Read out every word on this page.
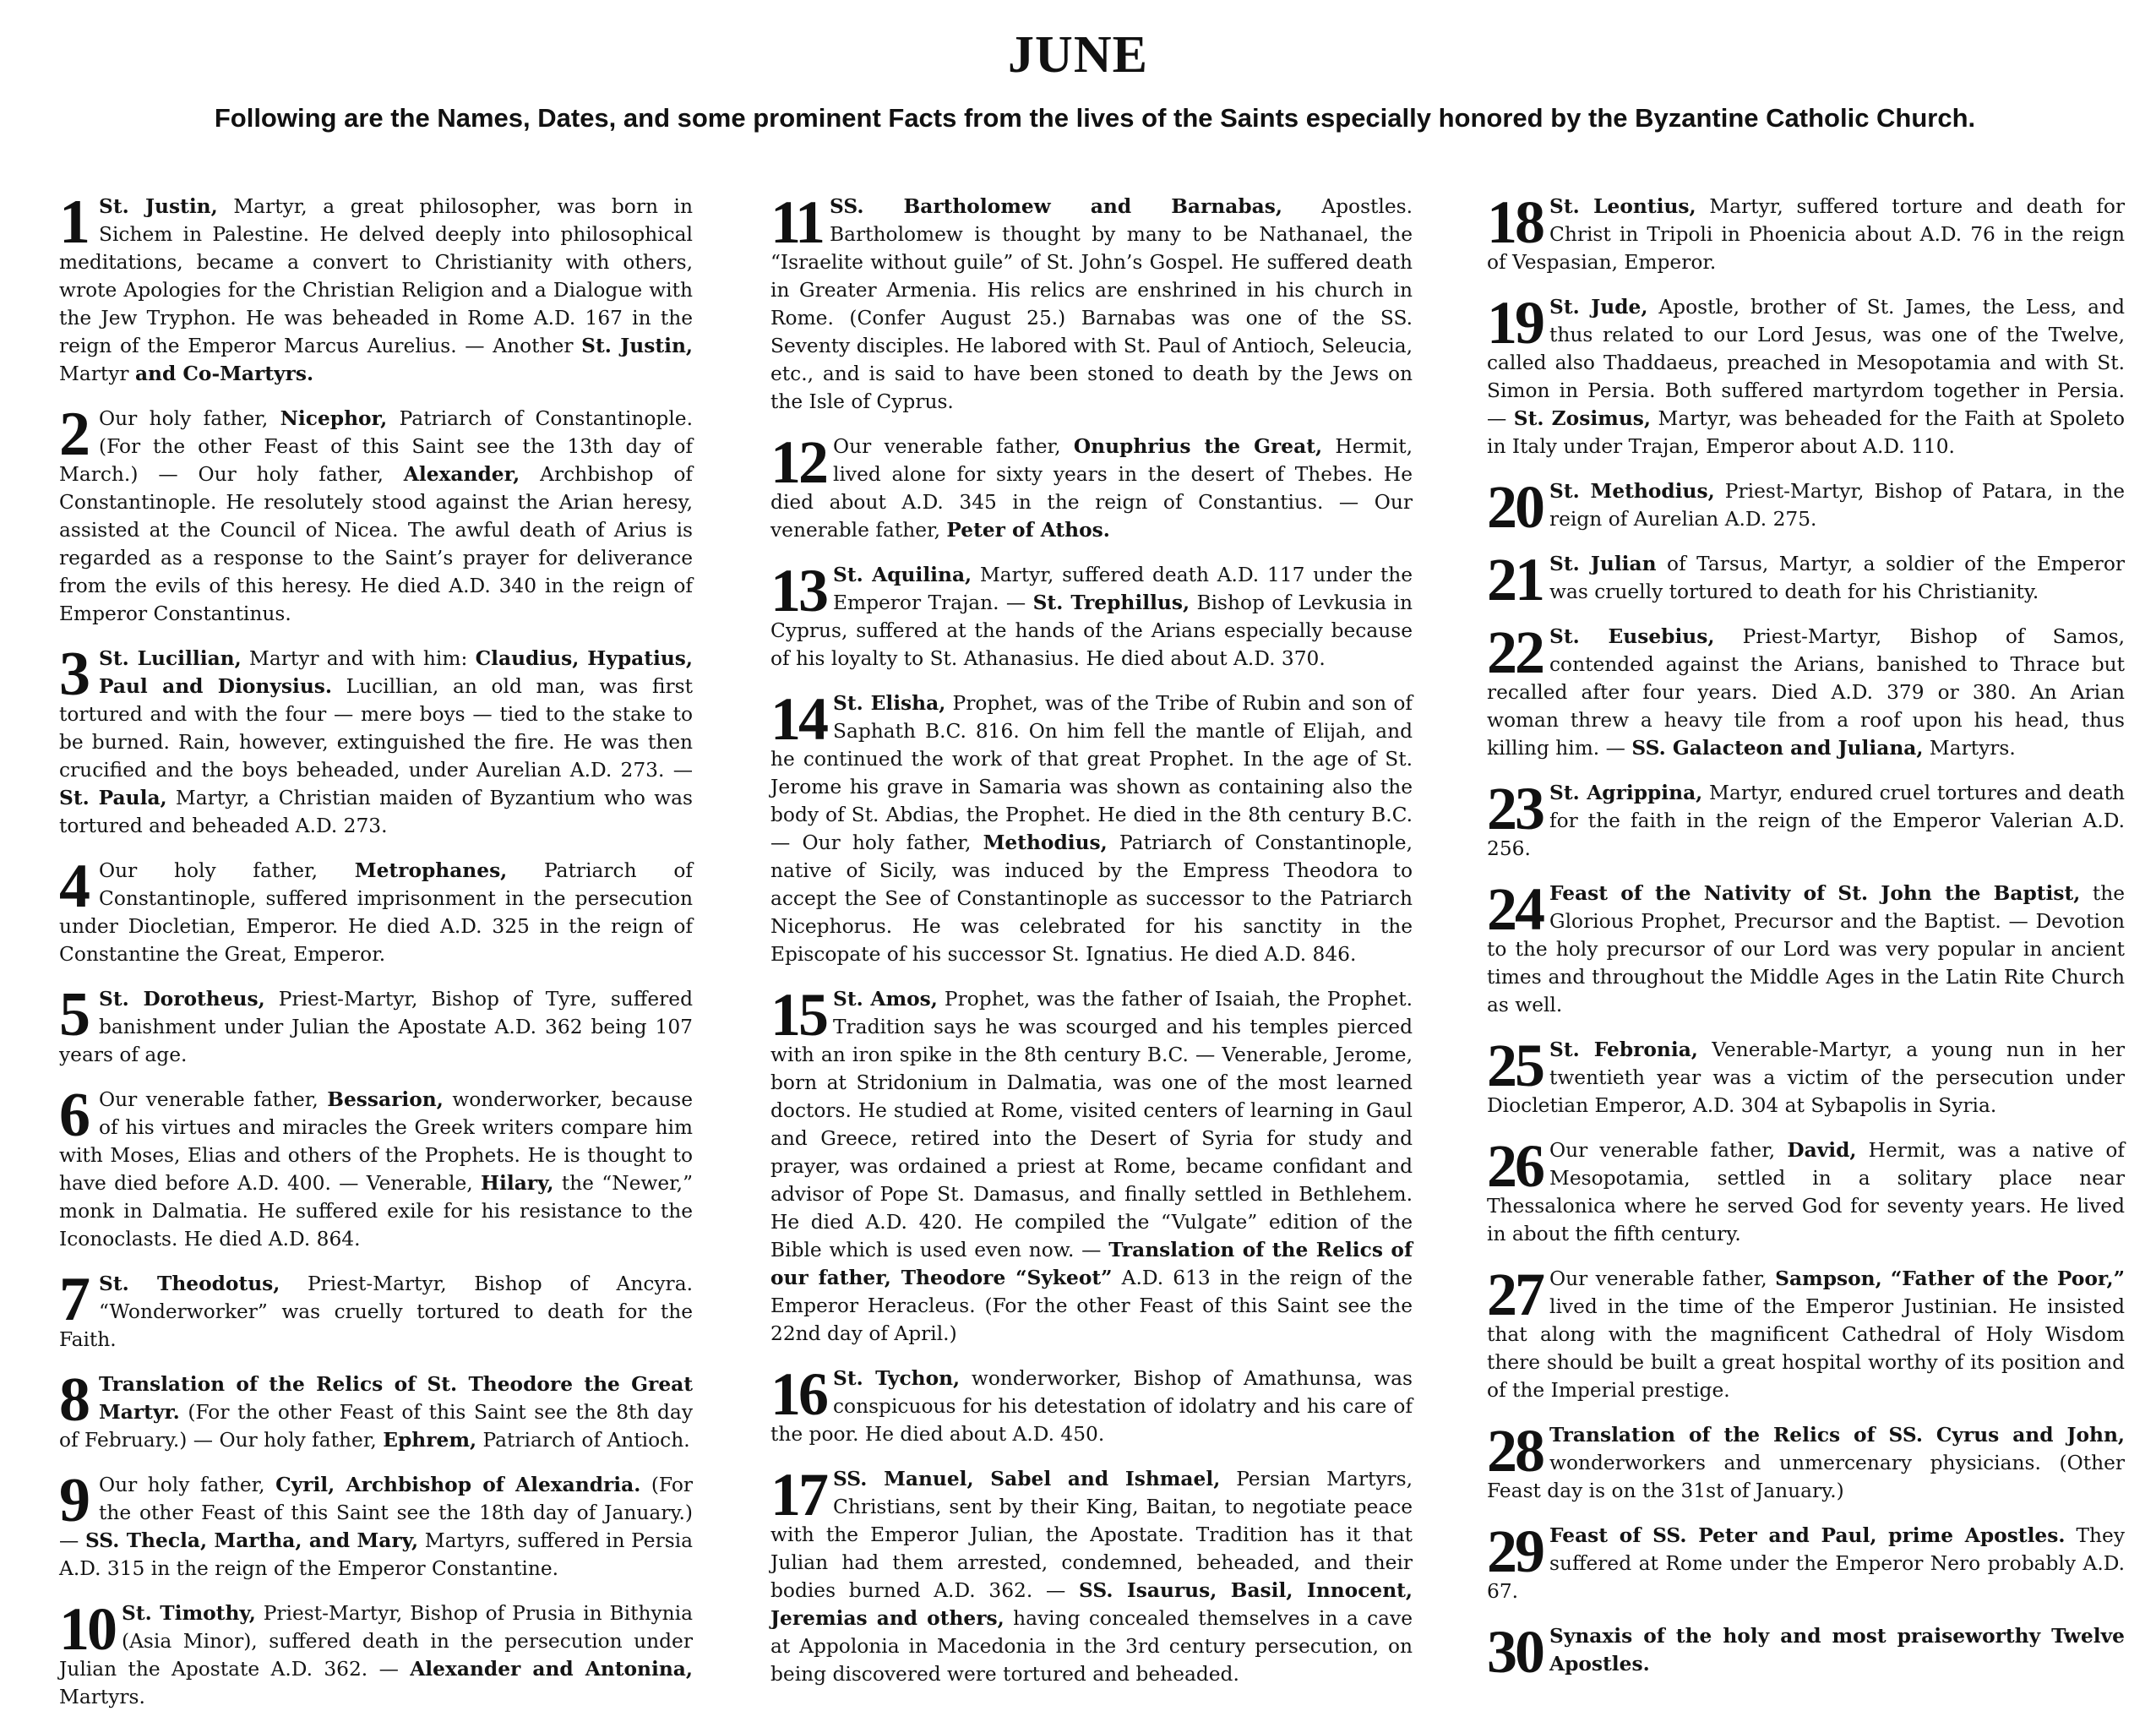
JUNE

Following are the Names, Dates, and some prominent Facts from the lives of the Saints especially honored by the Byzantine Catholic Church.

1 St. Justin, Martyr, a great philosopher, was born in Sichem in Palestine. He delved deeply into philosophical meditations, became a convert to Christianity with others, wrote Apologies for the Christian Religion and a Dialogue with the Jew Tryphon. He was beheaded in Rome A.D. 167 in the reign of the Emperor Marcus Aurelius. — Another St. Justin, Martyr and Co-Martyrs.

2 Our holy father, Nicephor, Patriarch of Constantinople. (For the other Feast of this Saint see the 13th day of March.) — Our holy father, Alexander, Archbishop of Constantinople. He resolutely stood against the Arian heresy, assisted at the Council of Nicea. The awful death of Arius is regarded as a response to the Saint’s prayer for deliverance from the evils of this heresy. He died A.D. 340 in the reign of Emperor Constantinus.

3 St. Lucillian, Martyr and with him: Claudius, Hypatius, Paul and Dionysius. Lucillian, an old man, was first tortured and with the four — mere boys — tied to the stake to be burned. Rain, however, extinguished the fire. He was then crucified and the boys beheaded, under Aurelian A.D. 273. — St. Paula, Martyr, a Christian maiden of Byzantium who was tortured and beheaded A.D. 273.

4 Our holy father, Metrophanes, Patriarch of Constantinople, suffered imprisonment in the persecution under Diocletian, Emperor. He died A.D. 325 in the reign of Constantine the Great, Emperor.

5 St. Dorotheus, Priest-Martyr, Bishop of Tyre, suffered banishment under Julian the Apostate A.D. 362 being 107 years of age.

6 Our venerable father, Bessarion, wonderworker, because of his virtues and miracles the Greek writers compare him with Moses, Elias and others of the Prophets. He is thought to have died before A.D. 400. — Venerable, Hilary, the “Newer,” monk in Dalmatia. He suffered exile for his resistance to the Iconoclasts. He died A.D. 864.

7 St. Theodotus, Priest-Martyr, Bishop of Ancyra. “Wonderworker” was cruelly tortured to death for the Faith.

8 Translation of the Relics of St. Theodore the Great Martyr. (For the other Feast of this Saint see the 8th day of February.) — Our holy father, Ephrem, Patriarch of Antioch.

9 Our holy father, Cyril, Archbishop of Alexandria. (For the other Feast of this Saint see the 18th day of January.) — SS. Thecla, Martha, and Mary, Martyrs, suffered in Persia A.D. 315 in the reign of the Emperor Constantine.

10 St. Timothy, Priest-Martyr, Bishop of Prusia in Bithynia (Asia Minor), suffered death in the persecution under Julian the Apostate A.D. 362. — Alexander and Antonina, Martyrs.

11 SS. Bartholomew and Barnabas, Apostles. Bartholomew is thought by many to be Nathanael, the “Israelite without guile” of St. John’s Gospel. He suffered death in Greater Armenia. His relics are enshrined in his church in Rome. (Confer August 25.) Barnabas was one of the SS. Seventy disciples. He labored with St. Paul of Antioch, Seleucia, etc., and is said to have been stoned to death by the Jews on the Isle of Cyprus.

12 Our venerable father, Onuphrius the Great, Hermit, lived alone for sixty years in the desert of Thebes. He died about A.D. 345 in the reign of Constantius. — Our venerable father, Peter of Athos.

13 St. Aquilina, Martyr, suffered death A.D. 117 under the Emperor Trajan. — St. Trephillus, Bishop of Levkusia in Cyprus, suffered at the hands of the Arians especially because of his loyalty to St. Athanasius. He died about A.D. 370.

14 St. Elisha, Prophet, was of the Tribe of Rubin and son of Saphath B.C. 816. On him fell the mantle of Elijah, and he continued the work of that great Prophet. In the age of St. Jerome his grave in Samaria was shown as containing also the body of St. Abdias, the Prophet. He died in the 8th century B.C. — Our holy father, Methodius, Patriarch of Constantinople, native of Sicily, was induced by the Empress Theodora to accept the See of Constantinople as successor to the Patriarch Nicephorus. He was celebrated for his sanctity in the Episcopate of his successor St. Ignatius. He died A.D. 846.

15 St. Amos, Prophet, was the father of Isaiah, the Prophet. Tradition says he was scourged and his temples pierced with an iron spike in the 8th century B.C. — Venerable, Jerome, born at Stridonium in Dalmatia, was one of the most learned doctors. He studied at Rome, visited centers of learning in Gaul and Greece, retired into the Desert of Syria for study and prayer, was ordained a priest at Rome, became confidant and advisor of Pope St. Damasus, and finally settled in Bethlehem. He died A.D. 420. He compiled the “Vulgate” edition of the Bible which is used even now. — Translation of the Relics of our father, Theodore “Sykeot” A.D. 613 in the reign of the Emperor Heracleus. (For the other Feast of this Saint see the 22nd day of April.)

16 St. Tychon, wonderworker, Bishop of Amathunsa, was conspicuous for his detestation of idolatry and his care of the poor. He died about A.D. 450.

17 SS. Manuel, Sabel and Ishmael, Persian Martyrs, Christians, sent by their King, Baitan, to negotiate peace with the Emperor Julian, the Apostate. Tradition has it that Julian had them arrested, condemned, beheaded, and their bodies burned A.D. 362. — SS. Isaurus, Basil, Innocent, Jeremias and others, having concealed themselves in a cave at Appolonia in Macedonia in the 3rd century persecution, on being discovered were tortured and beheaded.

18 St. Leontius, Martyr, suffered torture and death for Christ in Tripoli in Phoenicia about A.D. 76 in the reign of Vespasian, Emperor.

19 St. Jude, Apostle, brother of St. James, the Less, and thus related to our Lord Jesus, was one of the Twelve, called also Thaddaeus, preached in Mesopotamia and with St. Simon in Persia. Both suffered martyrdom together in Persia. — St. Zosimus, Martyr, was beheaded for the Faith at Spoleto in Italy under Trajan, Emperor about A.D. 110.

20 St. Methodius, Priest-Martyr, Bishop of Patara, in the reign of Aurelian A.D. 275.

21 St. Julian of Tarsus, Martyr, a soldier of the Emperor was cruelly tortured to death for his Christianity.

22 St. Eusebius, Priest-Martyr, Bishop of Samos, contended against the Arians, banished to Thrace but recalled after four years. Died A.D. 379 or 380. An Arian woman threw a heavy tile from a roof upon his head, thus killing him. — SS. Galacteon and Juliana, Martyrs.

23 St. Agrippina, Martyr, endured cruel tortures and death for the faith in the reign of the Emperor Valerian A.D. 256.

24 Feast of the Nativity of St. John the Baptist, the Glorious Prophet, Precursor and the Baptist. — Devotion to the holy precursor of our Lord was very popular in ancient times and throughout the Middle Ages in the Latin Rite Church as well.

25 St. Febronia, Venerable-Martyr, a young nun in her twentieth year was a victim of the persecution under Diocletian Emperor, A.D. 304 at Sybapolis in Syria.

26 Our venerable father, David, Hermit, was a native of Mesopotamia, settled in a solitary place near Thessalonica where he served God for seventy years. He lived in about the fifth century.

27 Our venerable father, Sampson, “Father of the Poor,” lived in the time of the Emperor Justinian. He insisted that along with the magnificent Cathedral of Holy Wisdom there should be built a great hospital worthy of its position and of the Imperial prestige.

28 Translation of the Relics of SS. Cyrus and John, wonderworkers and unmercenary physicians. (Other Feast day is on the 31st of January.)

29 Feast of SS. Peter and Paul, prime Apostles. They suffered at Rome under the Emperor Nero probably A.D. 67.

30 Synaxis of the holy and most praiseworthy Twelve Apostles.
